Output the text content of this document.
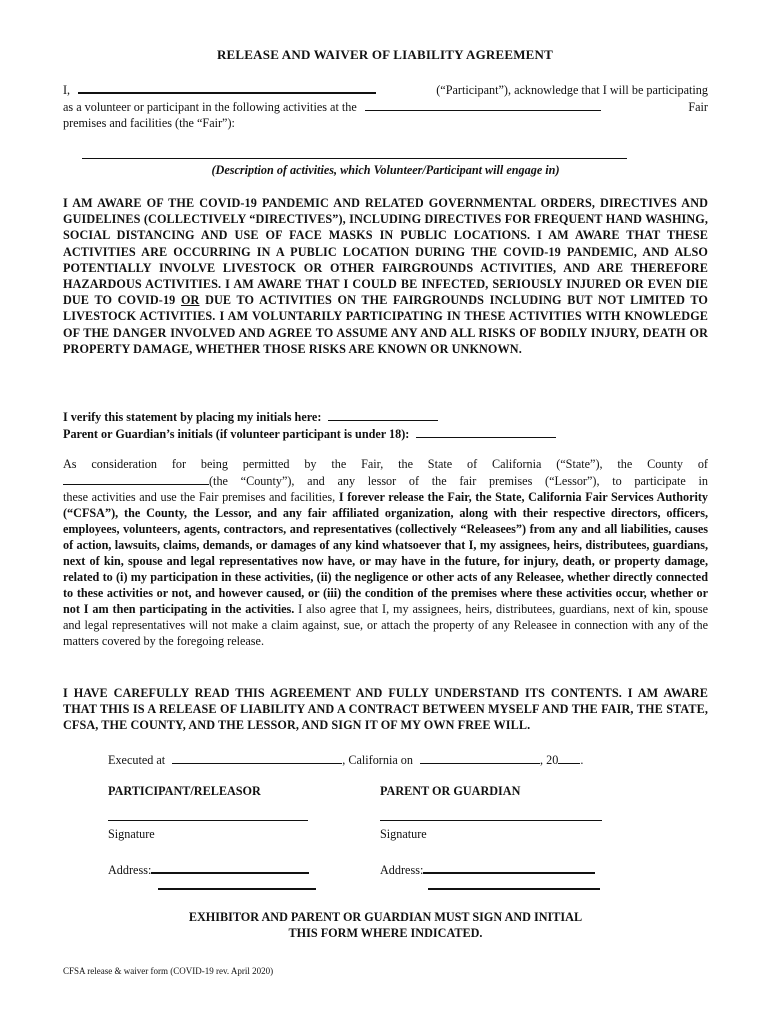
RELEASE AND WAIVER OF LIABILITY AGREEMENT
I,	(“Participant”), acknowledge that I will be participating
as a volunteer or participant in the following activities at the	Fair
premises and facilities (the “Fair”):
(Description of activities, which Volunteer/Participant will engage in)
I AM AWARE OF THE COVID-19 PANDEMIC AND RELATED GOVERNMENTAL ORDERS, DIRECTIVES AND GUIDELINES (COLLECTIVELY “DIRECTIVES”), INCLUDING DIRECTIVES FOR FREQUENT HAND WASHING, SOCIAL DISTANCING AND USE OF FACE MASKS IN PUBLIC LOCATIONS. I AM AWARE THAT THESE ACTIVITIES ARE OCCURRING IN A PUBLIC LOCATION DURING THE COVID-19 PANDEMIC, AND ALSO POTENTIALLY INVOLVE LIVESTOCK OR OTHER FAIRGROUNDS ACTIVITIES, AND ARE THEREFORE HAZARDOUS ACTIVITIES. I AM AWARE THAT I COULD BE INFECTED, SERIOUSLY INJURED OR EVEN DIE DUE TO COVID-19 OR DUE TO ACTIVITIES ON THE FAIRGROUNDS INCLUDING BUT NOT LIMITED TO LIVESTOCK ACTIVITIES. I AM VOLUNTARILY PARTICIPATING IN THESE ACTIVITIES WITH KNOWLEDGE OF THE DANGER INVOLVED AND AGREE TO ASSUME ANY AND ALL RISKS OF BODILY INJURY, DEATH OR PROPERTY DAMAGE, WHETHER THOSE RISKS ARE KNOWN OR UNKNOWN.
I verify this statement by placing my initials here:
Parent or Guardian’s initials (if volunteer participant is under 18):
As consideration for being permitted by the Fair, the State of California (“State”), the County of
(the “County”), and any lessor of the fair premises (“Lessor”), to participate in
these activities and use the Fair premises and facilities, I forever release the Fair, the State, California Fair Services Authority (“CFSA”), the County, the Lessor, and any fair affiliated organization, along with their respective directors, officers, employees, volunteers, agents, contractors, and representatives (collectively “Releasees”) from any and all liabilities, causes of action, lawsuits, claims, demands, or damages of any kind whatsoever that I, my assignees, heirs, distributees, guardians, next of kin, spouse and legal representatives now have, or may have in the future, for injury, death, or property damage, related to (i) my participation in these activities, (ii) the negligence or other acts of any Releasee, whether directly connected to these activities or not, and however caused, or (iii) the condition of the premises where these activities occur, whether or not I am then participating in the activities. I also agree that I, my assignees, heirs, distributees, guardians, next of kin, spouse and legal representatives will not make a claim against, sue, or attach the property of any Releasee in connection with any of the matters covered by the foregoing release.
I HAVE CAREFULLY READ THIS AGREEMENT AND FULLY UNDERSTAND ITS CONTENTS. I AM AWARE THAT THIS IS A RELEASE OF LIABILITY AND A CONTRACT BETWEEN MYSELF AND THE FAIR, THE STATE, CFSA, THE COUNTY, AND THE LESSOR, AND SIGN IT OF MY OWN FREE WILL.
Executed at	, California on	, 20 .
PARTICIPANT/RELEASOR
Signature
Address:
PARENT OR GUARDIAN
Signature
Address:
EXHIBITOR AND PARENT OR GUARDIAN MUST SIGN AND INITIAL
THIS FORM WHERE INDICATED.
CFSA release & waiver form (COVID-19 rev. April 2020)
